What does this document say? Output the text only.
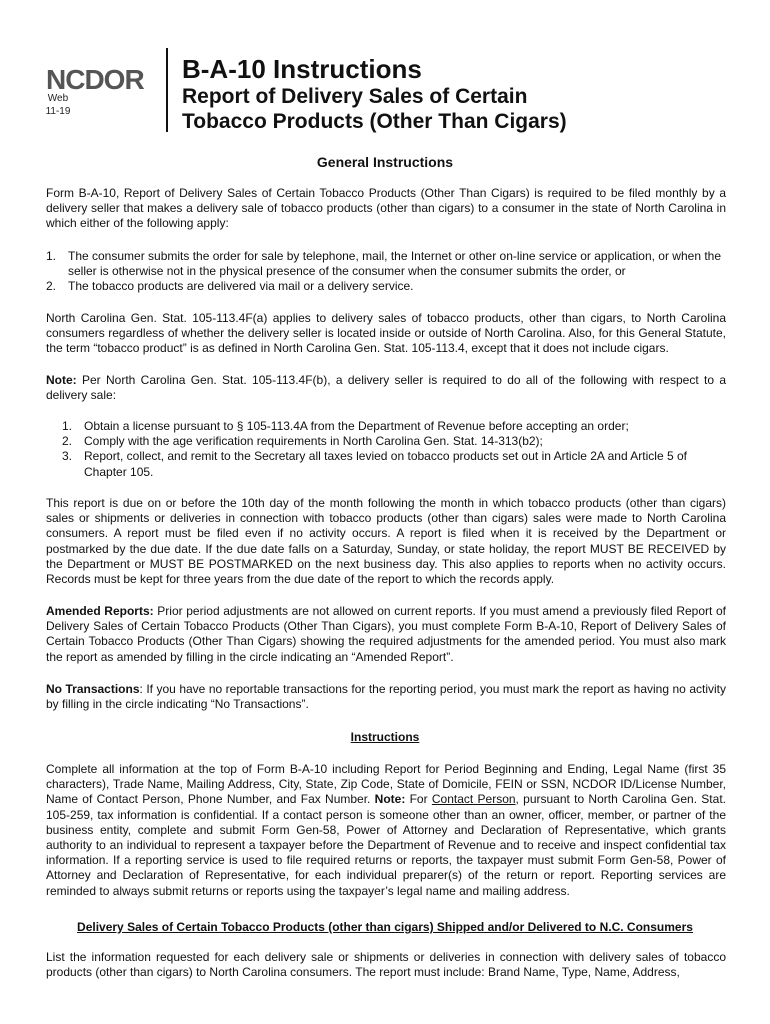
NCDOR
Web
11-19
B-A-10 Instructions
Report of Delivery Sales of Certain
Tobacco Products (Other Than Cigars)
General Instructions
Form B-A-10, Report of Delivery Sales of Certain Tobacco Products (Other Than Cigars) is required to be filed monthly by a delivery seller that makes a delivery sale of tobacco products (other than cigars) to a consumer in the state of North Carolina in which either of the following apply:
1. The consumer submits the order for sale by telephone, mail, the Internet or other on-line service or application, or when the seller is otherwise not in the physical presence of the consumer when the consumer submits the order, or
2. The tobacco products are delivered via mail or a delivery service.
North Carolina Gen. Stat. 105-113.4F(a) applies to delivery sales of tobacco products, other than cigars, to North Carolina consumers regardless of whether the delivery seller is located inside or outside of North Carolina. Also, for this General Statute, the term “tobacco product” is as defined in North Carolina Gen. Stat. 105-113.4, except that it does not include cigars.
Note: Per North Carolina Gen. Stat. 105-113.4F(b), a delivery seller is required to do all of the following with respect to a delivery sale:
1. Obtain a license pursuant to § 105-113.4A from the Department of Revenue before accepting an order;
2. Comply with the age verification requirements in North Carolina Gen. Stat. 14-313(b2);
3. Report, collect, and remit to the Secretary all taxes levied on tobacco products set out in Article 2A and Article 5 of Chapter 105.
This report is due on or before the 10th day of the month following the month in which tobacco products (other than cigars) sales or shipments or deliveries in connection with tobacco products (other than cigars) sales were made to North Carolina consumers. A report must be filed even if no activity occurs. A report is filed when it is received by the Department or postmarked by the due date. If the due date falls on a Saturday, Sunday, or state holiday, the report MUST BE RECEIVED by the Department or MUST BE POSTMARKED on the next business day. This also applies to reports when no activity occurs. Records must be kept for three years from the due date of the report to which the records apply.
Amended Reports: Prior period adjustments are not allowed on current reports. If you must amend a previously filed Report of Delivery Sales of Certain Tobacco Products (Other Than Cigars), you must complete Form B-A-10, Report of Delivery Sales of Certain Tobacco Products (Other Than Cigars) showing the required adjustments for the amended period. You must also mark the report as amended by filling in the circle indicating an “Amended Report”.
No Transactions: If you have no reportable transactions for the reporting period, you must mark the report as having no activity by filling in the circle indicating “No Transactions”.
Instructions
Complete all information at the top of Form B-A-10 including Report for Period Beginning and Ending, Legal Name (first 35 characters), Trade Name, Mailing Address, City, State, Zip Code, State of Domicile, FEIN or SSN, NCDOR ID/License Number, Name of Contact Person, Phone Number, and Fax Number. Note: For Contact Person, pursuant to North Carolina Gen. Stat. 105-259, tax information is confidential. If a contact person is someone other than an owner, officer, member, or partner of the business entity, complete and submit Form Gen-58, Power of Attorney and Declaration of Representative, which grants authority to an individual to represent a taxpayer before the Department of Revenue and to receive and inspect confidential tax information. If a reporting service is used to file required returns or reports, the taxpayer must submit Form Gen-58, Power of Attorney and Declaration of Representative, for each individual preparer(s) of the return or report. Reporting services are reminded to always submit returns or reports using the taxpayer’s legal name and mailing address.
Delivery Sales of Certain Tobacco Products (other than cigars) Shipped and/or Delivered to N.C. Consumers
List the information requested for each delivery sale or shipments or deliveries in connection with delivery sales of tobacco products (other than cigars) to North Carolina consumers. The report must include: Brand Name, Type, Name, Address,
